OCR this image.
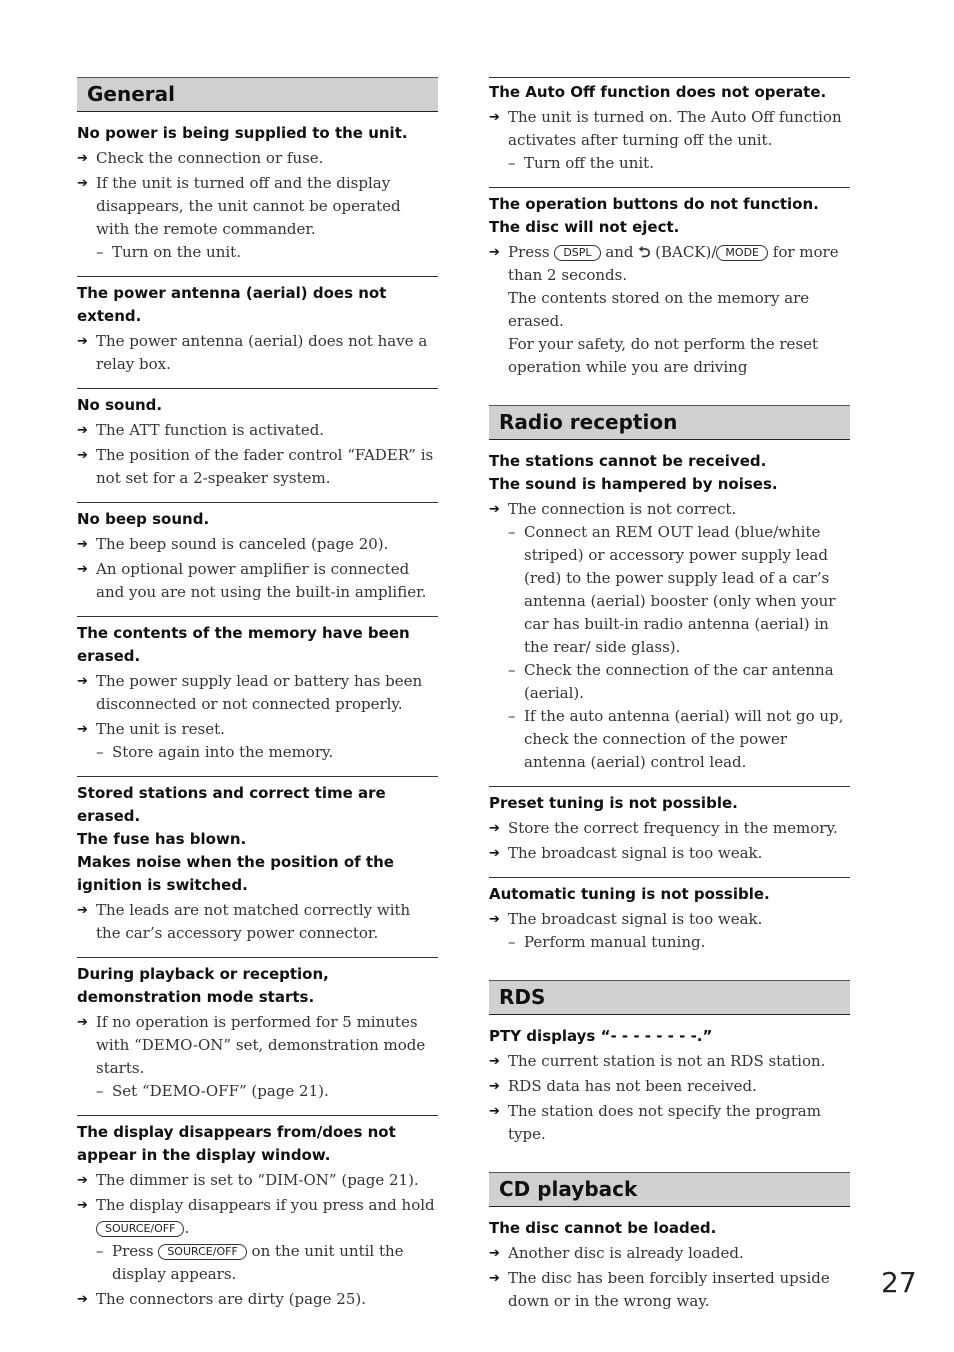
General
No power is being supplied to the unit.
➔ Check the connection or fuse.
➔ If the unit is turned off and the display disappears, the unit cannot be operated with the remote commander.
– Turn on the unit.
The power antenna (aerial) does not extend.
➔ The power antenna (aerial) does not have a relay box.
No sound.
➔ The ATT function is activated.
➔ The position of the fader control “FADER” is not set for a 2-speaker system.
No beep sound.
➔ The beep sound is canceled (page 20).
➔ An optional power amplifier is connected and you are not using the built-in amplifier.
The contents of the memory have been erased.
➔ The power supply lead or battery has been disconnected or not connected properly.
➔ The unit is reset.
– Store again into the memory.
Stored stations and correct time are erased.
The fuse has blown.
Makes noise when the position of the ignition is switched.
➔ The leads are not matched correctly with the car’s accessory power connector.
During playback or reception, demonstration mode starts.
➔ If no operation is performed for 5 minutes with “DEMO-ON” set, demonstration mode starts.
– Set “DEMO-OFF” (page 21).
The display disappears from/does not appear in the display window.
➔ The dimmer is set to “DIM-ON” (page 21).
➔ The display disappears if you press and hold
SOURCE/OFF .
– Press SOURCE/OFF on the unit until the display appears.
➔ The connectors are dirty (page 25).
The Auto Off function does not operate.
➔ The unit is turned on. The Auto Off function activates after turning off the unit.
– Turn off the unit.
The operation buttons do not function.
The disc will not eject.
➔ Press DSPL and ⮌ (BACK)/ MODE for more than 2 seconds.
The contents stored on the memory are erased.
For your safety, do not perform the reset operation while you are driving
Radio reception
The stations cannot be received.
The sound is hampered by noises.
➔ The connection is not correct.
– Connect an REM OUT lead (blue/white striped) or accessory power supply lead (red) to the power supply lead of a car’s antenna (aerial) booster (only when your car has built-in radio antenna (aerial) in the rear/ side glass).
– Check the connection of the car antenna (aerial).
– If the auto antenna (aerial) will not go up, check the connection of the power antenna (aerial) control lead.
Preset tuning is not possible.
➔ Store the correct frequency in the memory.
➔ The broadcast signal is too weak.
Automatic tuning is not possible.
➔ The broadcast signal is too weak.
– Perform manual tuning.
RDS
PTY displays “- - - - - - - -.”
➔ The current station is not an RDS station.
➔ RDS data has not been received.
➔ The station does not specify the program type.
CD playback
The disc cannot be loaded.
➔ Another disc is already loaded.
➔ The disc has been forcibly inserted upside down or in the wrong way.
27
